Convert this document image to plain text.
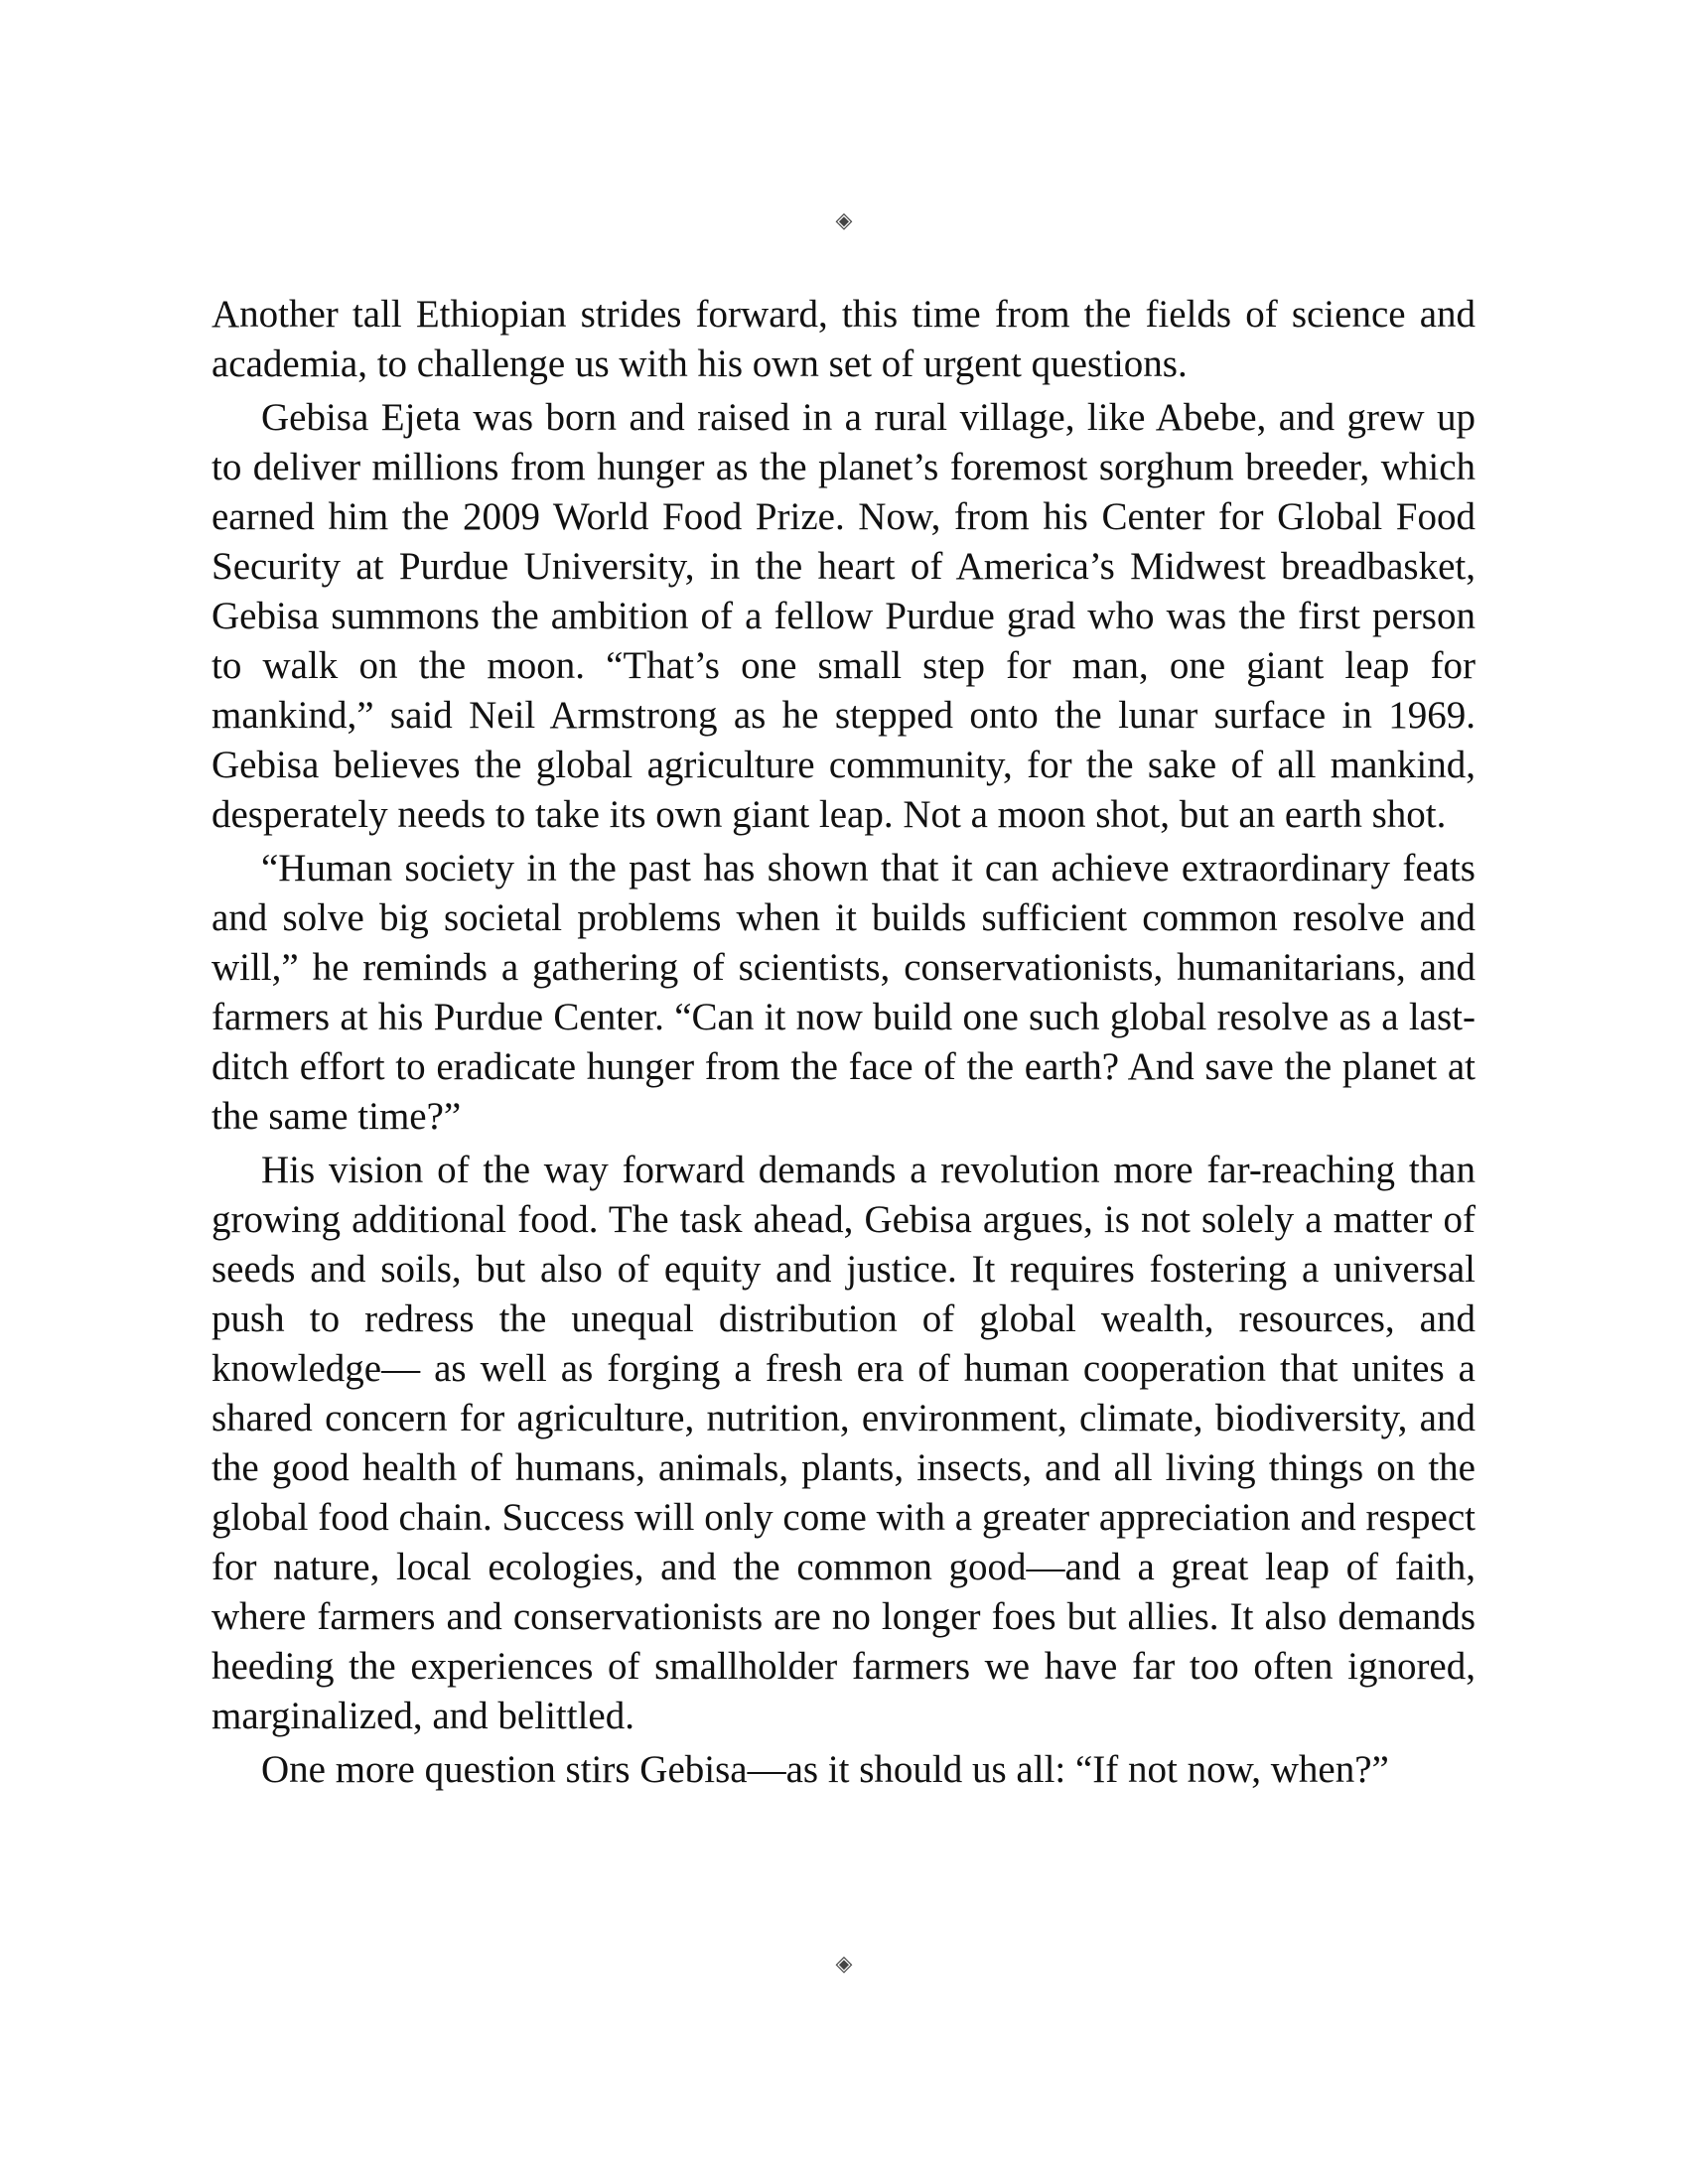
◈

Another tall Ethiopian strides forward, this time from the fields of science and academia, to challenge us with his own set of urgent questions.

Gebisa Ejeta was born and raised in a rural village, like Abebe, and grew up to deliver millions from hunger as the planet’s foremost sorghum breeder, which earned him the 2009 World Food Prize. Now, from his Center for Global Food Security at Purdue University, in the heart of America’s Midwest breadbasket, Gebisa summons the ambition of a fellow Purdue grad who was the first person to walk on the moon. “That’s one small step for man, one giant leap for mankind,” said Neil Armstrong as he stepped onto the lunar surface in 1969. Gebisa believes the global agriculture community, for the sake of all mankind, desperately needs to take its own giant leap. Not a moon shot, but an earth shot.

“Human society in the past has shown that it can achieve extraordinary feats and solve big societal problems when it builds sufficient common resolve and will,” he reminds a gathering of scientists, conservationists, humanitarians, and farmers at his Purdue Center. “Can it now build one such global resolve as a last-ditch effort to eradicate hunger from the face of the earth? And save the planet at the same time?”

His vision of the way forward demands a revolution more far-reaching than growing additional food. The task ahead, Gebisa argues, is not solely a matter of seeds and soils, but also of equity and justice. It requires fostering a universal push to redress the unequal distribution of global wealth, resources, and knowledge— as well as forging a fresh era of human cooperation that unites a shared concern for agriculture, nutrition, environment, climate, biodiversity, and the good health of humans, animals, plants, insects, and all living things on the global food chain. Success will only come with a greater appreciation and respect for nature, local ecologies, and the common good—and a great leap of faith, where farmers and conservationists are no longer foes but allies. It also demands heeding the experiences of smallholder farmers we have far too often ignored, marginalized, and belittled.

One more question stirs Gebisa—as it should us all: “If not now, when?”

◈
